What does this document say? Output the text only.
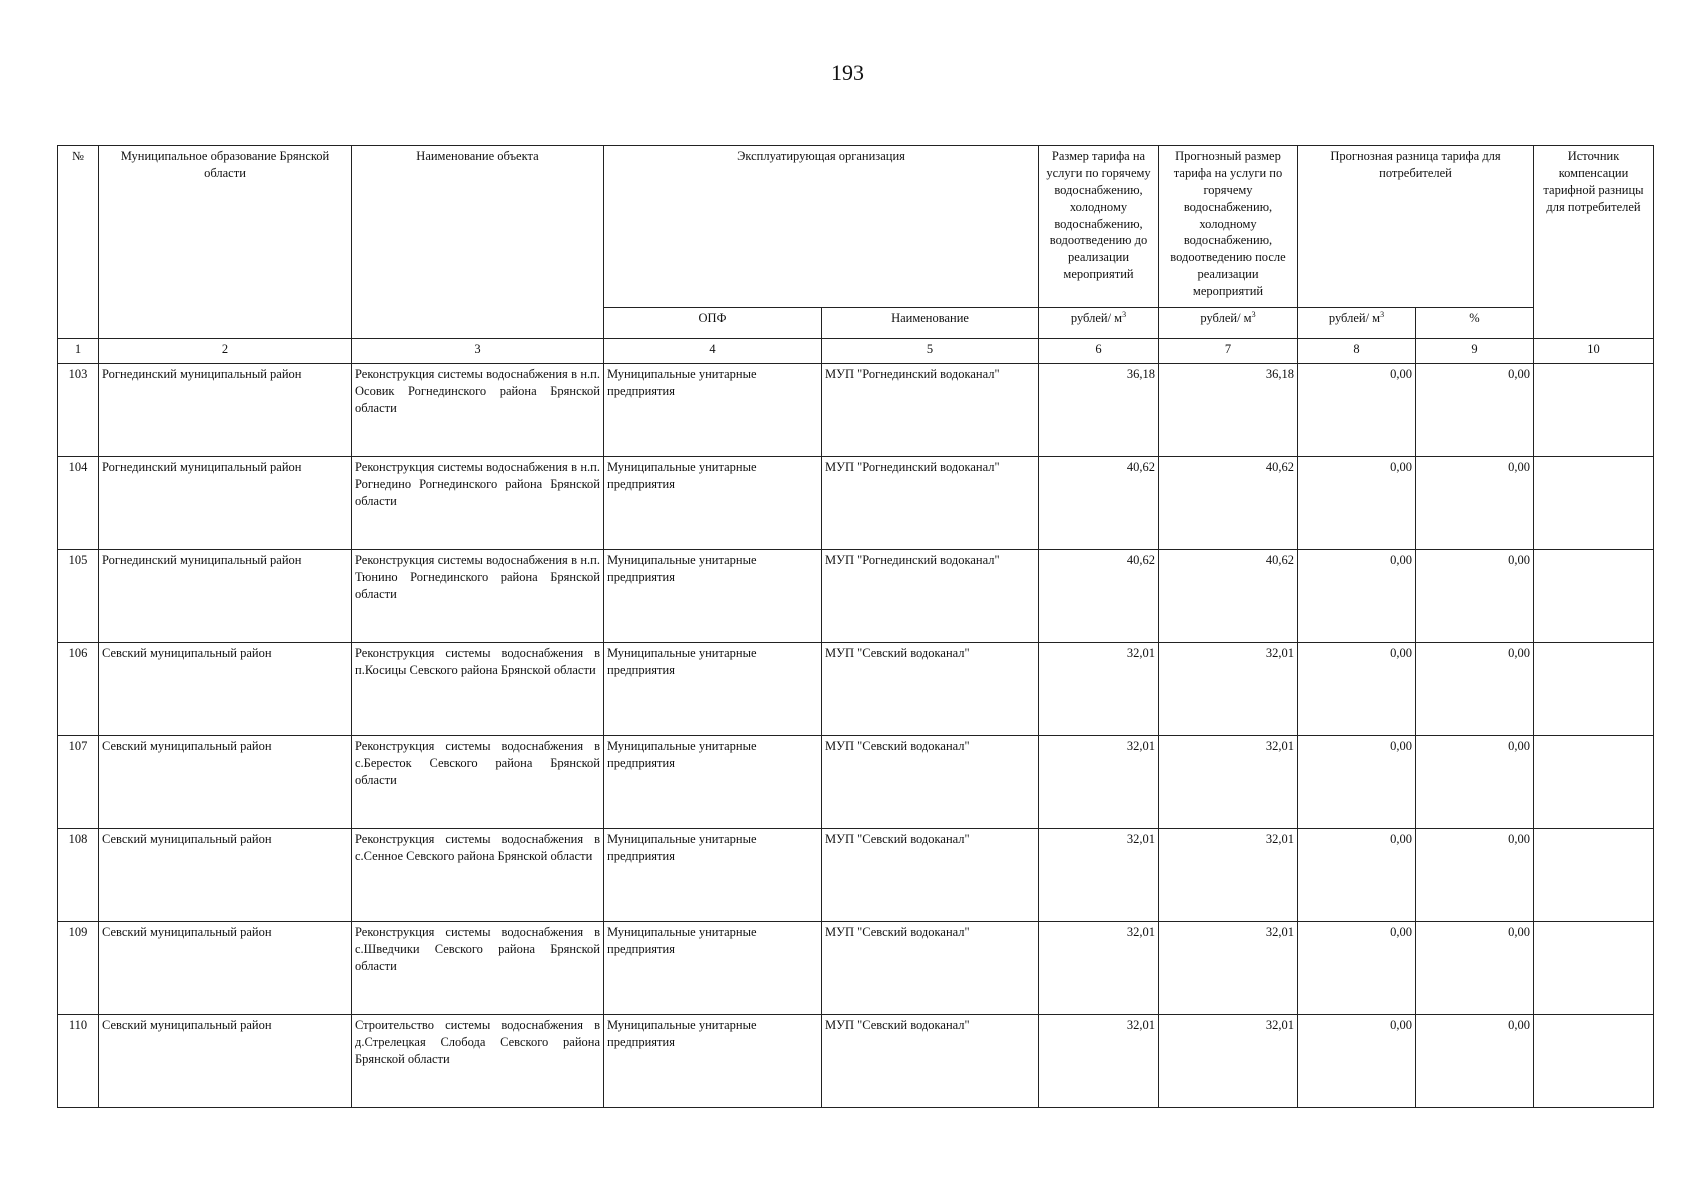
193
№	Муниципальное образование Брянской области	Наименование объекта	Эксплуатирующая организация		Размер тарифа на услуги по горячему водоснабжению, холодному водоснабжению, водоотведению до реализации мероприятий	Прогнозный размер тарифа на услуги по горячему водоснабжению, холодному водоснабжению, водоотведению после реализации мероприятий	Прогнозная разница тарифа для потребителей		Источник компенсации тарифной разницы для потребителей
			ОПФ	Наименование	рублей/ $м^3$	рублей/ $м^3$	рублей/ $м^3$	%	
1	2	3	4	5	6	7	8	9	10
103	Рогнединский муниципальный район	Реконструкция системы водоснабжения в н.п. Осовик Рогнединского района Брянской области	Муниципальные унитарные предприятия	МУП "Рогнединский водоканал"	36,18	36,18	0,00	0,00	
104	Рогнединский муниципальный район	Реконструкция системы водоснабжения в н.п. Рогнедино Рогнединского района Брянской области	Муниципальные унитарные предприятия	МУП "Рогнединский водоканал"	40,62	40,62	0,00	0,00	
105	Рогнединский муниципальный район	Реконструкция системы водоснабжения в н.п. Тюнино Рогнединского района Брянской области	Муниципальные унитарные предприятия	МУП "Рогнединский водоканал"	40,62	40,62	0,00	0,00	
106	Севский муниципальный район	Реконструкция системы водоснабжения в п.Косицы Севского района Брянской области	Муниципальные унитарные предприятия	МУП "Севский водоканал"	32,01	32,01	0,00	0,00	
107	Севский муниципальный район	Реконструкция системы водоснабжения в с.Бересток Севского района Брянской области	Муниципальные унитарные предприятия	МУП "Севский водоканал"	32,01	32,01	0,00	0,00	
108	Севский муниципальный район	Реконструкция системы водоснабжения в с.Сенное Севского района Брянской области	Муниципальные унитарные предприятия	МУП "Севский водоканал"	32,01	32,01	0,00	0,00	
109	Севский муниципальный район	Реконструкция системы водоснабжения в с.Шведчики Севского района Брянской области	Муниципальные унитарные предприятия	МУП "Севский водоканал"	32,01	32,01	0,00	0,00	
110	Севский муниципальный район	Строительство системы водоснабжения в д.Стрелецкая Слобода Севского района Брянской области	Муниципальные унитарные предприятия	МУП "Севский водоканал"	32,01	32,01	0,00	0,00	
